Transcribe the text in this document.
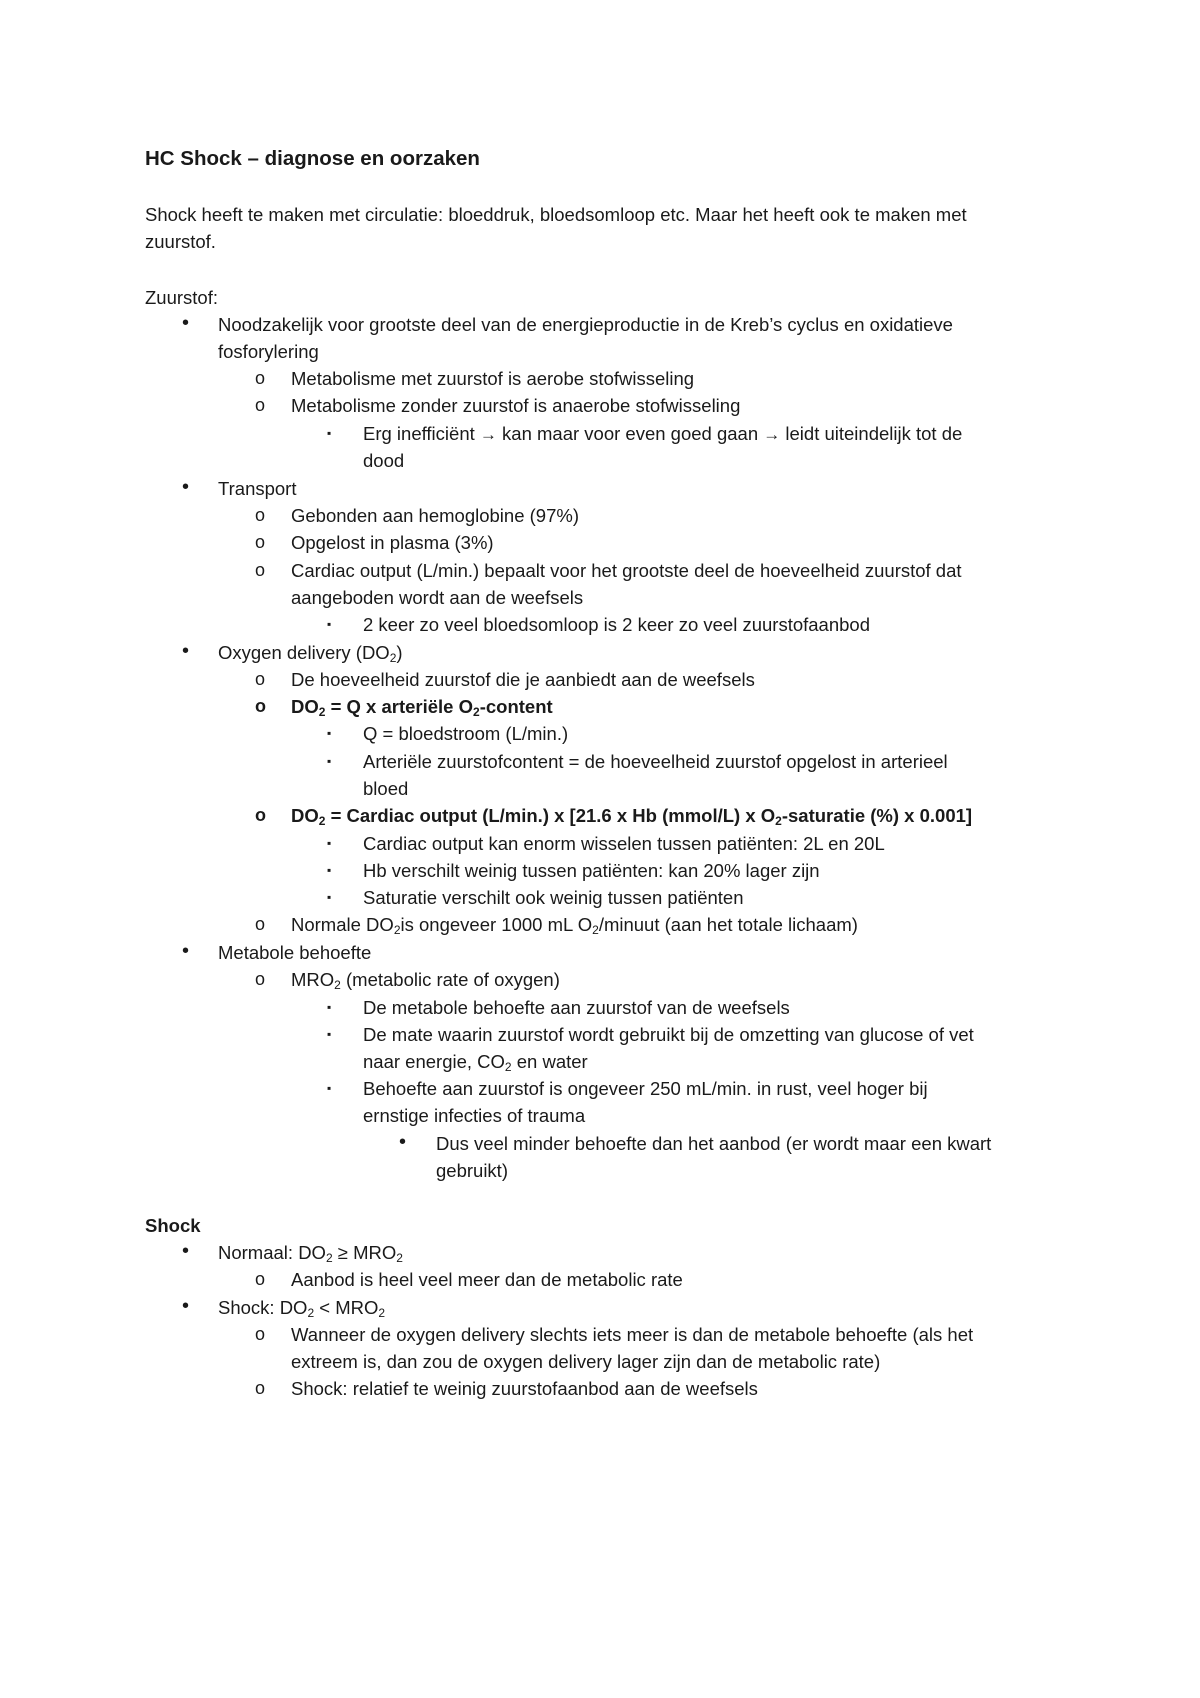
HC Shock – diagnose en oorzaken

Shock heeft te maken met circulatie: bloeddruk, bloedsomloop etc. Maar het heeft ook te maken met

zuurstof.

Zuurstof:

• Noodzakelijk voor grootste deel van de energieproductie in de Kreb’s cyclus en oxidatieve

fosforylering

o Metabolisme met zuurstof is aerobe stofwisseling

o Metabolisme zonder zuurstof is anaerobe stofwisseling

▪ Erg inefficiënt → kan maar voor even goed gaan → leidt uiteindelijk tot de

dood

• Transport

o Gebonden aan hemoglobine (97%)

o Opgelost in plasma (3%)

o Cardiac output (L/min.) bepaalt voor het grootste deel de hoeveelheid zuurstof dat

aangeboden wordt aan de weefsels

▪ 2 keer zo veel bloedsomloop is 2 keer zo veel zuurstofaanbod

• Oxygen delivery $(DO_2)$

o De hoeveelheid zuurstof die je aanbiedt aan de weefsels

o $DO_2 = Q$ x arteriële $O_2$-content

▪ Q = bloedstroom (L/min.)

▪ Arteriële zuurstofcontent = de hoeveelheid zuurstof opgelost in arterieel

bloed

o $DO_2$ = Cardiac output (L/min.) x [21.6 x Hb (mmol/L) x $O_2$-saturatie (%) x 0.001]

▪ Cardiac output kan enorm wisselen tussen patiënten: 2L en 20L

▪ Hb verschilt weinig tussen patiënten: kan 20% lager zijn

▪ Saturatie verschilt ook weinig tussen patiënten

o Normale $DO_2is$ ongeveer 1000 mL $O_2$/minuut (aan het totale lichaam)

• Metabole behoefte

o $MRO_2$ (metabolic rate of oxygen)

▪ De metabole behoefte aan zuurstof van de weefsels

▪ De mate waarin zuurstof wordt gebruikt bij de omzetting van glucose of vet

naar energie, $CO_2$ en water

▪ Behoefte aan zuurstof is ongeveer 250 mL/min. in rust, veel hoger bij

ernstige infecties of trauma

• Dus veel minder behoefte dan het aanbod (er wordt maar een kwart

gebruikt)

Shock

• Normaal: $DO_2 \ge MRO_2$

o Aanbod is heel veel meer dan de metabolic rate

• Shock: $DO_2 < MRO_2$

o Wanneer de oxygen delivery slechts iets meer is dan de metabole behoefte (als het

extreem is, dan zou de oxygen delivery lager zijn dan de metabolic rate)

o Shock: relatief te weinig zuurstofaanbod aan de weefsels
